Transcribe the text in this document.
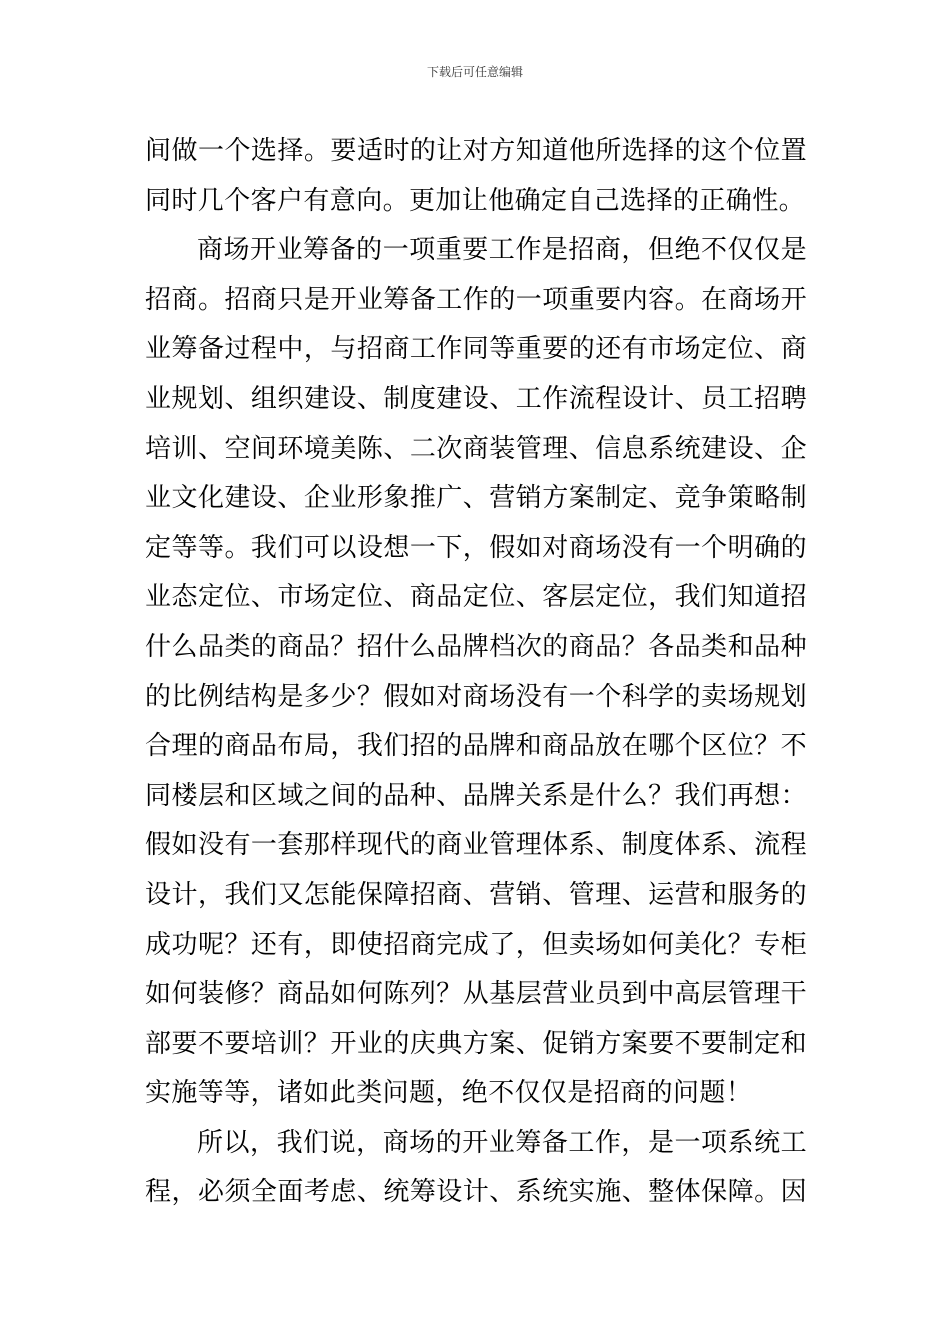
下载后可任意编辑
间做一个选择。要适时的让对方知道他所选择的这个位置
同时几个客户有意向。更加让他确定自己选择的正确性。
商场开业筹备的一项重要工作是招商，但绝不仅仅是
招商。招商只是开业筹备工作的一项重要内容。在商场开
业筹备过程中，与招商工作同等重要的还有市场定位、商
业规划、组织建设、制度建设、工作流程设计、员工招聘
培训、空间环境美陈、二次商装管理、信息系统建设、企
业文化建设、企业形象推广、营销方案制定、竞争策略制
定等等。我们可以设想一下，假如对商场没有一个明确的
业态定位、市场定位、商品定位、客层定位，我们知道招
什么品类的商品？招什么品牌档次的商品？各品类和品种
的比例结构是多少？假如对商场没有一个科学的卖场规划
合理的商品布局，我们招的品牌和商品放在哪个区位？不
同楼层和区域之间的品种、品牌关系是什么？我们再想：
假如没有一套那样现代的商业管理体系、制度体系、流程
设计，我们又怎能保障招商、营销、管理、运营和服务的
成功呢？还有，即使招商完成了，但卖场如何美化？专柜
如何装修？商品如何陈列？从基层营业员到中高层管理干
部要不要培训？开业的庆典方案、促销方案要不要制定和
实施等等，诸如此类问题，绝不仅仅是招商的问题！
所以，我们说，商场的开业筹备工作，是一项系统工
程，必须全面考虑、统筹设计、系统实施、整体保障。因
